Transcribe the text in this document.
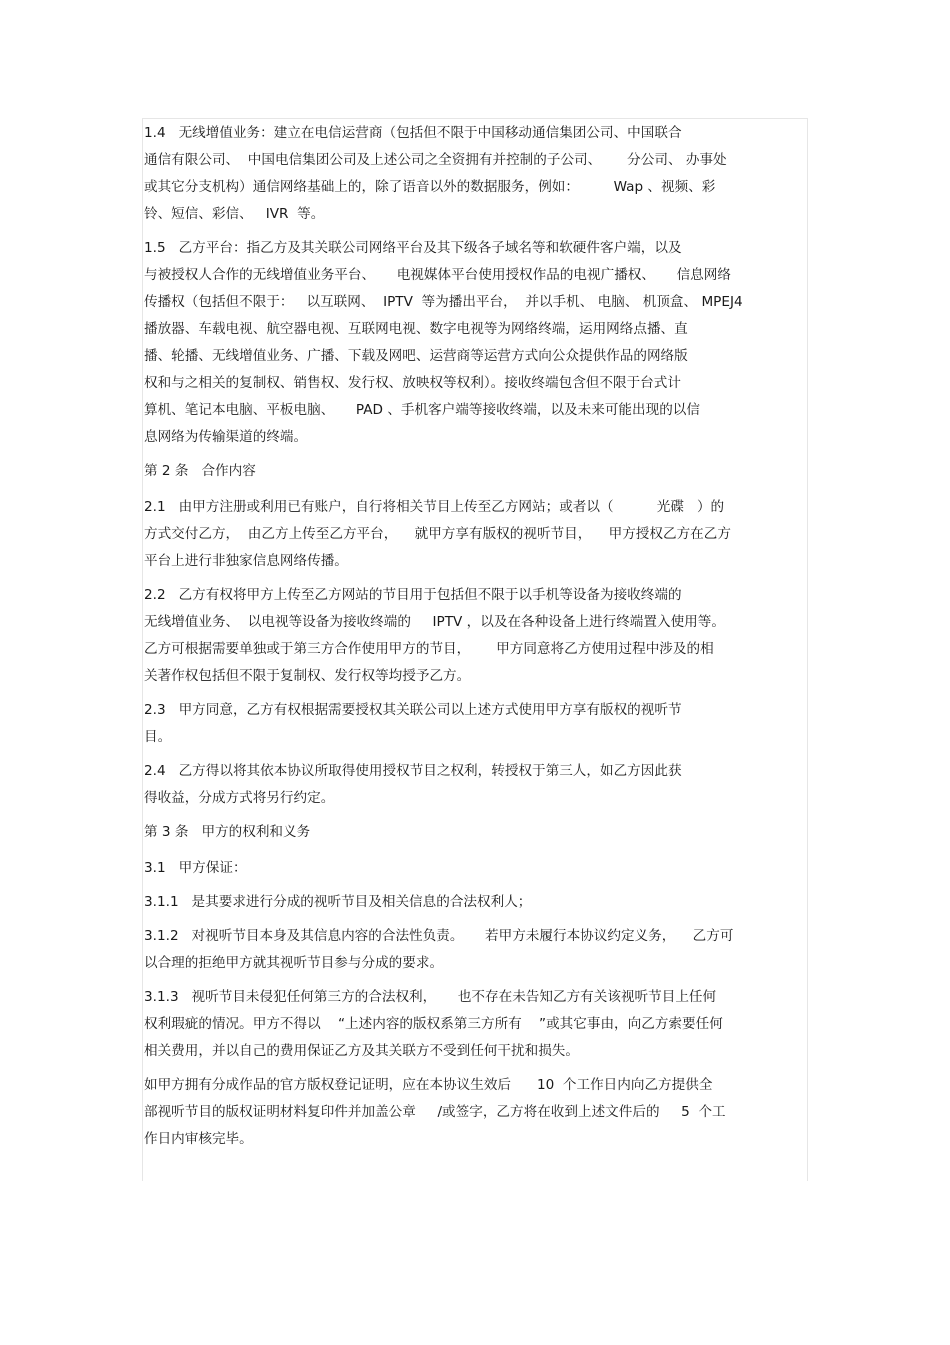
1.4   无线增值业务：建立在电信运营商（包括但不限于中国移动通信集团公司、中国联合
通信有限公司、  中国电信集团公司及上述公司之全资拥有并控制的子公司、      分公司、 办事处
或其它分支机构）通信网络基础上的，除了语音以外的数据服务，例如：        Wap 、视频、彩
铃、短信、彩信、   IVR  等。
1.5   乙方平台：指乙方及其关联公司网络平台及其下级各子域名等和软硬件客户端，以及
与被授权人合作的无线增值业务平台、     电视媒体平台使用授权作品的电视广播权、     信息网络
传播权（包括但不限于：   以互联网、  IPTV  等为播出平台，  并以手机、 电脑、 机顶盒、 MPEJ4
播放器、车载电视、航空器电视、互联网电视、数字电视等为网络终端，运用网络点播、直
播、轮播、无线增值业务、广播、下载及网吧、运营商等运营方式向公众提供作品的网络版
权和与之相关的复制权、销售权、发行权、放映权等权利）。接收终端包含但不限于台式计
算机、笔记本电脑、平板电脑、     PAD 、手机客户端等接收终端，以及未来可能出现的以信
息网络为传输渠道的终端。
第 2 条   合作内容
2.1   由甲方注册或利用已有账户，自行将相关节目上传至乙方网站；或者以（          光碟   ）的
方式交付乙方，  由乙方上传至乙方平台，    就甲方享有版权的视听节目，    甲方授权乙方在乙方
平台上进行非独家信息网络传播。
2.2   乙方有权将甲方上传至乙方网站的节目用于包括但不限于以手机等设备为接收终端的
无线增值业务、  以电视等设备为接收终端的     IPTV ，以及在各种设备上进行终端置入使用等。
乙方可根据需要单独或于第三方合作使用甲方的节目，      甲方同意将乙方使用过程中涉及的相
关著作权包括但不限于复制权、发行权等均授予乙方。
2.3   甲方同意，乙方有权根据需要授权其关联公司以上述方式使用甲方享有版权的视听节
目。
2.4   乙方得以将其依本协议所取得使用授权节目之权利，转授权于第三人，如乙方因此获
得收益，分成方式将另行约定。
第 3 条   甲方的权利和义务
3.1   甲方保证：
3.1.1   是其要求进行分成的视听节目及相关信息的合法权利人；
3.1.2   对视听节目本身及其信息内容的合法性负责。     若甲方未履行本协议约定义务，    乙方可
以合理的拒绝甲方就其视听节目参与分成的要求。
3.1.3   视听节目未侵犯任何第三方的合法权利，     也不存在未告知乙方有关该视听节目上任何
权利瑕疵的情况。甲方不得以    “上述内容的版权系第三方所有    ”或其它事由，向乙方索要任何
相关费用，并以自己的费用保证乙方及其关联方不受到任何干扰和损失。
如甲方拥有分成作品的官方版权登记证明，应在本协议生效后      10  个工作日内向乙方提供全
部视听节目的版权证明材料复印件并加盖公章     /或签字，乙方将在收到上述文件后的     5  个工
作日内审核完毕。
